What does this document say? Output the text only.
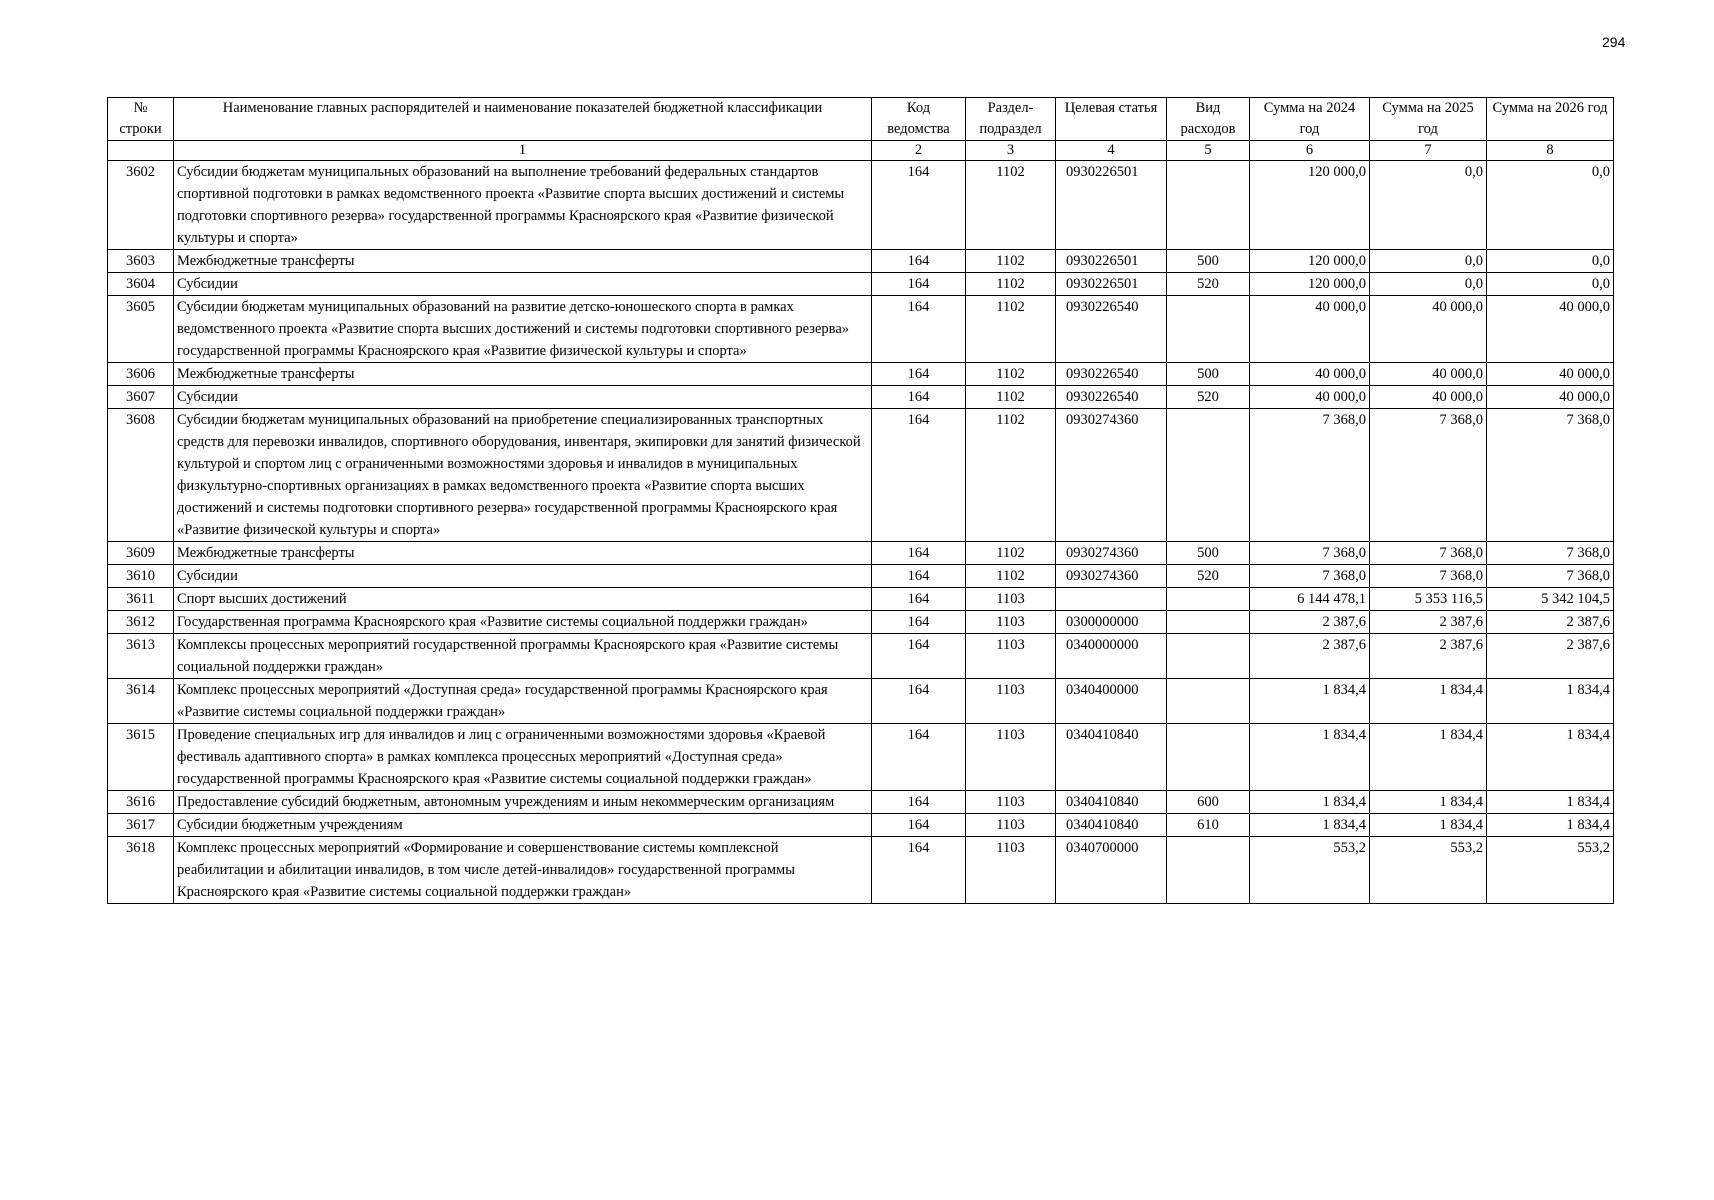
294
№ строки	Наименование главных распорядителей и наименование показателей бюджетной классификации	Код ведомства	Раздел-подраздел	Целевая статья	Вид расходов	Сумма на 2024 год	Сумма на 2025 год	Сумма на 2026 год
	1	2	3	4	5	6	7	8
3602	Субсидии бюджетам муниципальных образований на выполнение требований федеральных стандартов спортивной подготовки в рамках ведомственного проекта «Развитие спорта высших достижений и системы подготовки спортивного резерва» государственной программы Красноярского края «Развитие физической культуры и спорта»	164	1102	0930226501		120 000,0	0,0	0,0
3603	Межбюджетные трансферты	164	1102	0930226501	500	120 000,0	0,0	0,0
3604	Субсидии	164	1102	0930226501	520	120 000,0	0,0	0,0
3605	Субсидии бюджетам муниципальных образований на развитие детско-юношеского спорта в рамках ведомственного проекта «Развитие спорта высших достижений и системы подготовки спортивного резерва» государственной программы Красноярского края «Развитие физической культуры и спорта»	164	1102	0930226540		40 000,0	40 000,0	40 000,0
3606	Межбюджетные трансферты	164	1102	0930226540	500	40 000,0	40 000,0	40 000,0
3607	Субсидии	164	1102	0930226540	520	40 000,0	40 000,0	40 000,0
3608	Субсидии бюджетам муниципальных образований на приобретение специализированных транспортных средств для перевозки инвалидов, спортивного оборудования, инвентаря, экипировки для занятий физической культурой и спортом лиц с ограниченными возможностями здоровья и инвалидов в муниципальных физкультурно-спортивных организациях в рамках ведомственного проекта «Развитие спорта высших достижений и системы подготовки спортивного резерва» государственной программы Красноярского края «Развитие физической культуры и спорта»	164	1102	0930274360		7 368,0	7 368,0	7 368,0
3609	Межбюджетные трансферты	164	1102	0930274360	500	7 368,0	7 368,0	7 368,0
3610	Субсидии	164	1102	0930274360	520	7 368,0	7 368,0	7 368,0
3611	Спорт высших достижений	164	1103			6 144 478,1	5 353 116,5	5 342 104,5
3612	Государственная программа Красноярского края «Развитие системы социальной поддержки граждан»	164	1103	0300000000		2 387,6	2 387,6	2 387,6
3613	Комплексы процессных мероприятий государственной программы Красноярского края «Развитие системы социальной поддержки граждан»	164	1103	0340000000		2 387,6	2 387,6	2 387,6
3614	Комплекс процессных мероприятий «Доступная среда» государственной программы Красноярского края «Развитие системы социальной поддержки граждан»	164	1103	0340400000		1 834,4	1 834,4	1 834,4
3615	Проведение специальных игр для инвалидов и лиц с ограниченными возможностями здоровья «Краевой фестиваль адаптивного спорта» в рамках комплекса процессных мероприятий «Доступная среда» государственной программы Красноярского края «Развитие системы социальной поддержки граждан»	164	1103	0340410840		1 834,4	1 834,4	1 834,4
3616	Предоставление субсидий бюджетным, автономным учреждениям и иным некоммерческим организациям	164	1103	0340410840	600	1 834,4	1 834,4	1 834,4
3617	Субсидии бюджетным учреждениям	164	1103	0340410840	610	1 834,4	1 834,4	1 834,4
3618	Комплекс процессных мероприятий «Формирование и совершенствование системы комплексной реабилитации и абилитации инвалидов, в том числе детей-инвалидов» государственной программы Красноярского края «Развитие системы социальной поддержки граждан»	164	1103	0340700000		553,2	553,2	553,2
